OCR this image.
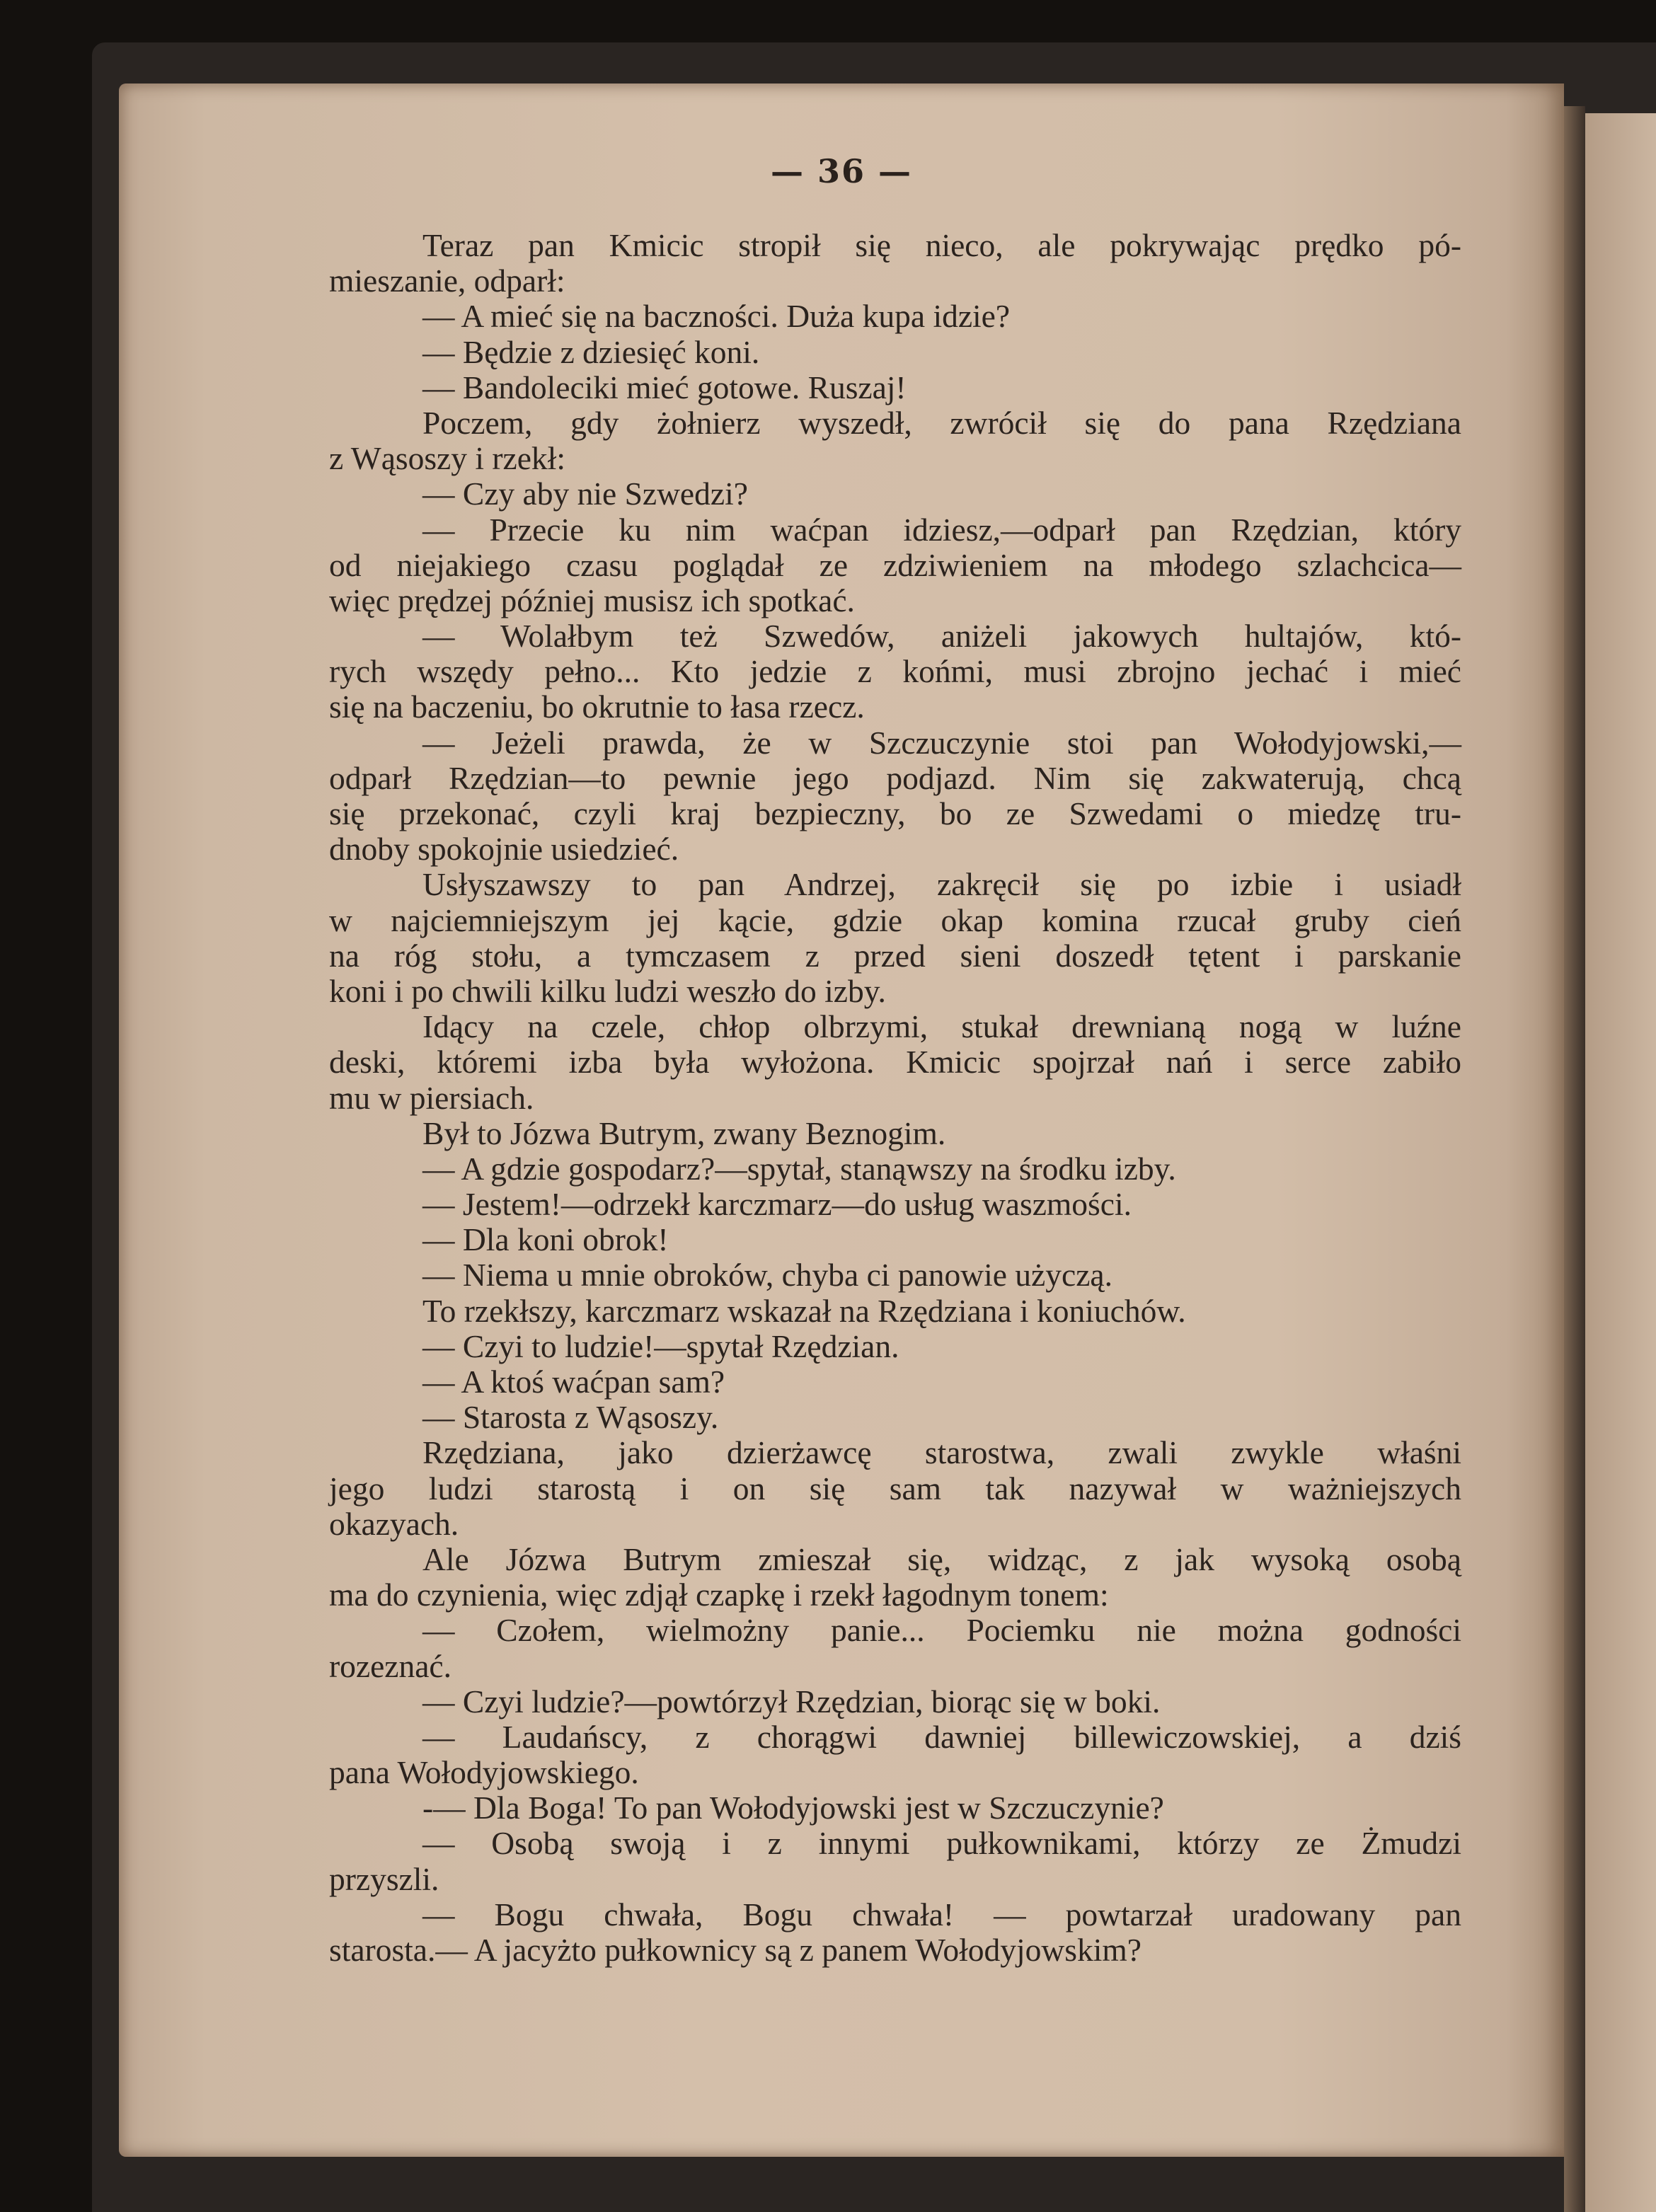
— 36 —
Teraz pan Kmicic stropił się nieco, ale pokrywając prędko pó-
mieszanie, odparł:
— A mieć się na baczności. Duża kupa idzie?
— Będzie z dziesięć koni.
— Bandoleciki mieć gotowe. Ruszaj!
Poczem, gdy żołnierz wyszedł, zwrócił się do pana Rzędziana
z Wąsoszy i rzekł:
— Czy aby nie Szwedzi?
— Przecie ku nim waćpan idziesz,—odparł pan Rzędzian, który
od niejakiego czasu poglądał ze zdziwieniem na młodego szlachcica—
więc prędzej później musisz ich spotkać.
— Wolałbym też Szwedów, aniżeli jakowych hultajów, któ-
rych wszędy pełno... Kto jedzie z końmi, musi zbrojno jechać i mieć
się na baczeniu, bo okrutnie to łasa rzecz.
— Jeżeli prawda, że w Szczuczynie stoi pan Wołodyjowski,—
odparł Rzędzian—to pewnie jego podjazd. Nim się zakwaterują, chcą
się przekonać, czyli kraj bezpieczny, bo ze Szwedami o miedzę tru-
dnoby spokojnie usiedzieć.
Usłyszawszy to pan Andrzej, zakręcił się po izbie i usiadł
w najciemniejszym jej kącie, gdzie okap komina rzucał gruby cień
na róg stołu, a tymczasem z przed sieni doszedł tętent i parskanie
koni i po chwili kilku ludzi weszło do izby.
Idący na czele, chłop olbrzymi, stukał drewnianą nogą w luźne
deski, któremi izba była wyłożona. Kmicic spojrzał nań i serce zabiło
mu w piersiach.
Był to Józwa Butrym, zwany Beznogim.
— A gdzie gospodarz?—spytał, stanąwszy na środku izby.
— Jestem!—odrzekł karczmarz—do usług waszmości.
— Dla koni obrok!
— Niema u mnie obroków, chyba ci panowie użyczą.
To rzekłszy, karczmarz wskazał na Rzędziana i koniuchów.
— Czyi to ludzie!—spytał Rzędzian.
— A ktoś waćpan sam?
— Starosta z Wąsoszy.
Rzędziana, jako dzierżawcę starostwa, zwali zwykle właśni
jego ludzi starostą i on się sam tak nazywał w ważniejszych
okazyach.
Ale Józwa Butrym zmieszał się, widząc, z jak wysoką osobą
ma do czynienia, więc zdjął czapkę i rzekł łagodnym tonem:
— Czołem, wielmożny panie... Pociemku nie można godności
rozeznać.
— Czyi ludzie?—powtórzył Rzędzian, biorąc się w boki.
— Laudańscy, z chorągwi dawniej billewiczowskiej, a dziś
pana Wołodyjowskiego.
-— Dla Boga! To pan Wołodyjowski jest w Szczuczynie?
— Osobą swoją i z innymi pułkownikami, którzy ze Żmudzi
przyszli.
— Bogu chwała, Bogu chwała! — powtarzał uradowany pan
starosta.— A jacyżto pułkownicy są z panem Wołodyjowskim?
